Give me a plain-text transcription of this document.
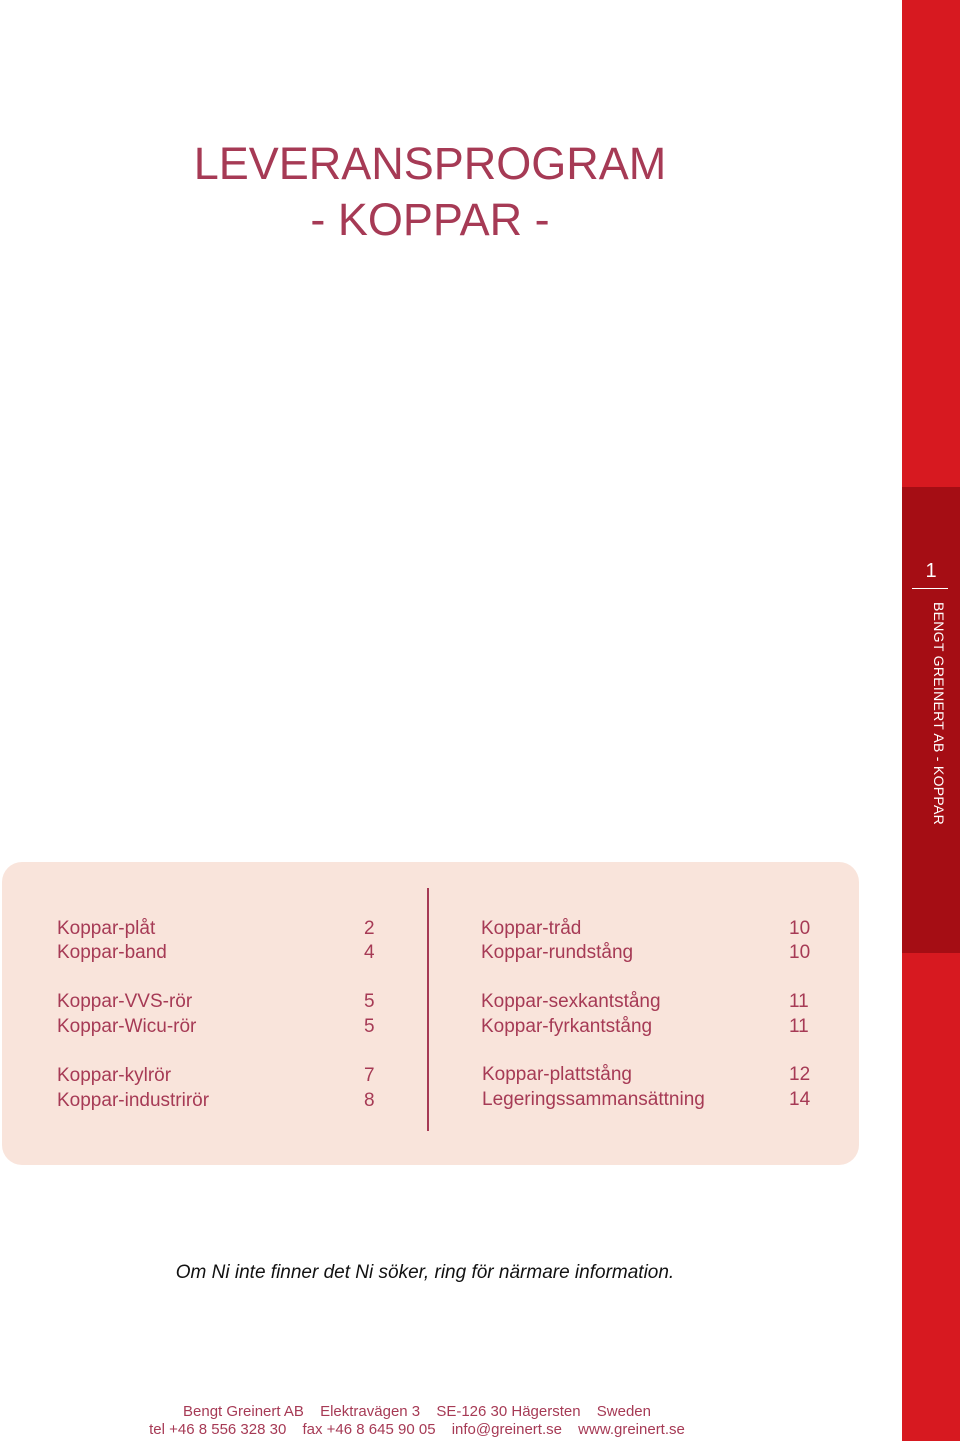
1
BENGT GREINERT AB - KOPPAR
LEVERANSPROGRAM
- KOPPAR -
Koppar-plåt	2
Koppar-band	4
Koppar-VVS-rör	5
Koppar-Wicu-rör	5
Koppar-kylrör	7
Koppar-industrirör	8
Koppar-tråd	10
Koppar-rundstång	10
Koppar-sexkantstång	11
Koppar-fyrkantstång	11
Koppar-plattstång	12
Legeringssammansättning	14
Om Ni inte finner det Ni söker, ring för närmare information.
Bengt Greinert AB Elektravägen 3 SE-126 30 Hägersten Sweden
tel +46 8 556 328 30 fax +46 8 645 90 05 info@greinert.se www.greinert.se
